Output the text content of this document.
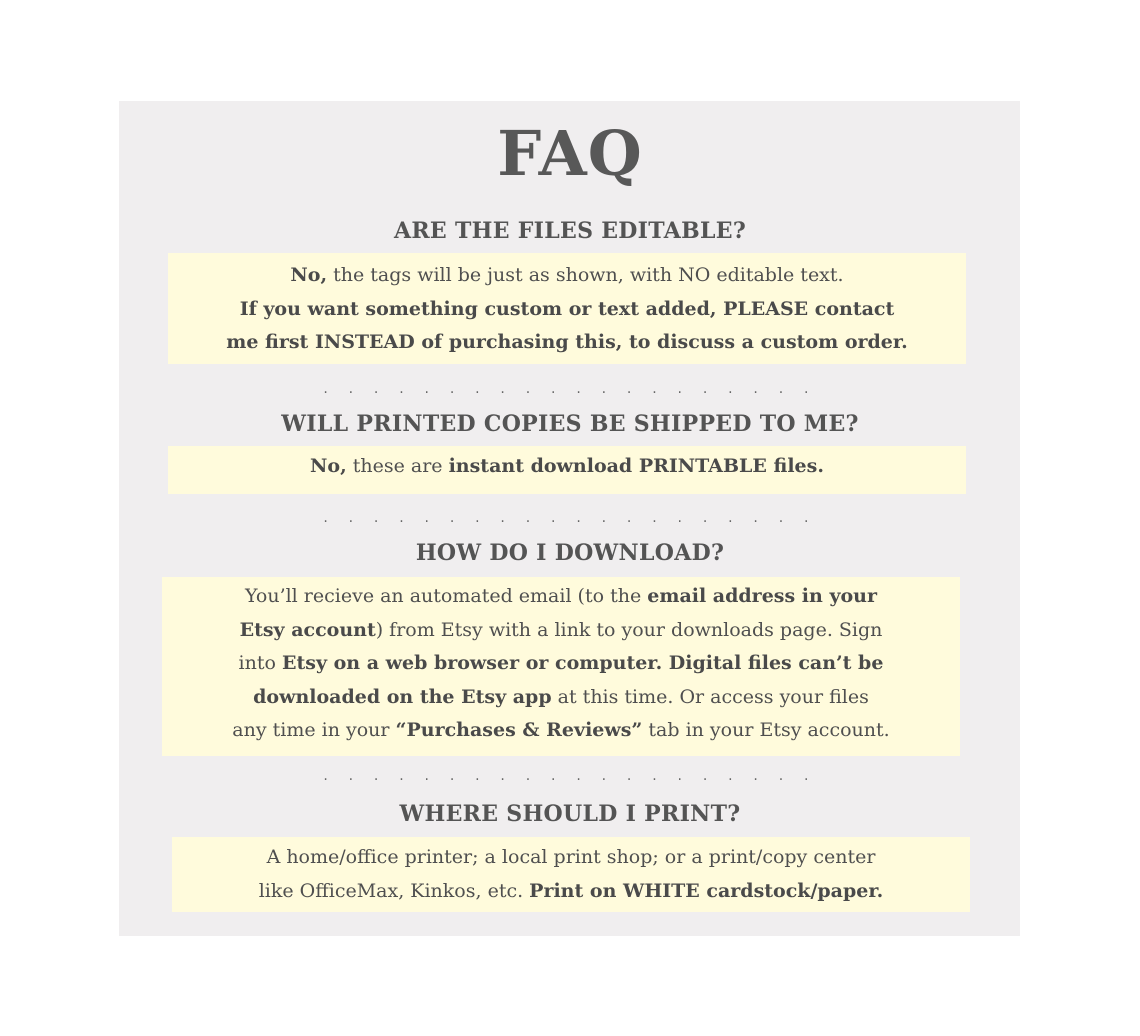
FAQ
ARE THE FILES EDITABLE?
No, the tags will be just as shown, with NO editable text.
If you want something custom or text added, PLEASE contact
me first INSTEAD of purchasing this, to discuss a custom order.
. . . . . . . . . . . . . . . . . . . .
WILL PRINTED COPIES BE SHIPPED TO ME?
No, these are instant download PRINTABLE files.
. . . . . . . . . . . . . . . . . . . .
HOW DO I DOWNLOAD?
You’ll recieve an automated email (to the email address in your
Etsy account) from Etsy with a link to your downloads page. Sign
into Etsy on a web browser or computer. Digital files can’t be
downloaded on the Etsy app at this time. Or access your files
any time in your “Purchases & Reviews” tab in your Etsy account.
. . . . . . . . . . . . . . . . . . . .
WHERE SHOULD I PRINT?
A home/office printer; a local print shop; or a print/copy center
like OfficeMax, Kinkos, etc. Print on WHITE cardstock/paper.
